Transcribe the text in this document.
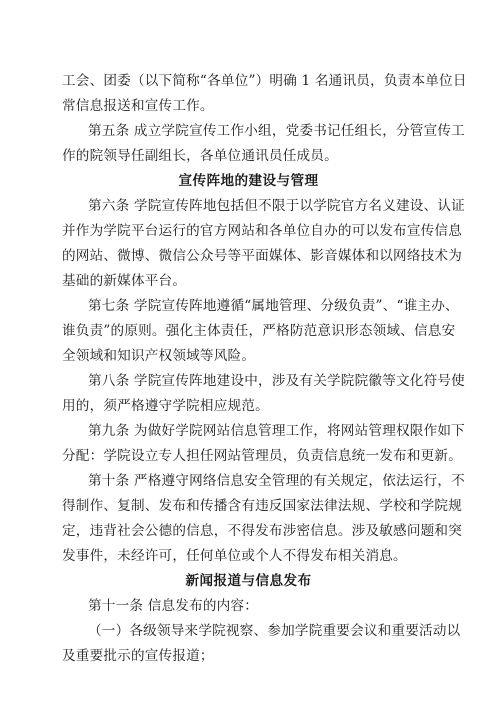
工会、团委（以下简称“各单位”）明确 1 名通讯员，负责本单位日
常信息报送和宣传工作。
第五条 成立学院宣传工作小组，党委书记任组长，分管宣传工
作的院领导任副组长，各单位通讯员任成员。
宣传阵地的建设与管理
第六条 学院宣传阵地包括但不限于以学院官方名义建设、认证
并作为学院平台运行的官方网站和各单位自办的可以发布宣传信息
的网站、微博、微信公众号等平面媒体、影音媒体和以网络技术为
基础的新媒体平台。
第七条 学院宣传阵地遵循“属地管理、分级负责”、“谁主办、
谁负责”的原则。强化主体责任，严格防范意识形态领域、信息安
全领域和知识产权领域等风险。
第八条 学院宣传阵地建设中，涉及有关学院院徽等文化符号使
用的，须严格遵守学院相应规范。
第九条 为做好学院网站信息管理工作，将网站管理权限作如下
分配：学院设立专人担任网站管理员，负责信息统一发布和更新。
第十条 严格遵守网络信息安全管理的有关规定，依法运行，不
得制作、复制、发布和传播含有违反国家法律法规、学校和学院规
定，违背社会公德的信息，不得发布涉密信息。涉及敏感问题和突
发事件，未经许可，任何单位或个人不得发布相关消息。
新闻报道与信息发布
第十一条 信息发布的内容：
（一）各级领导来学院视察、参加学院重要会议和重要活动以
及重要批示的宣传报道；
